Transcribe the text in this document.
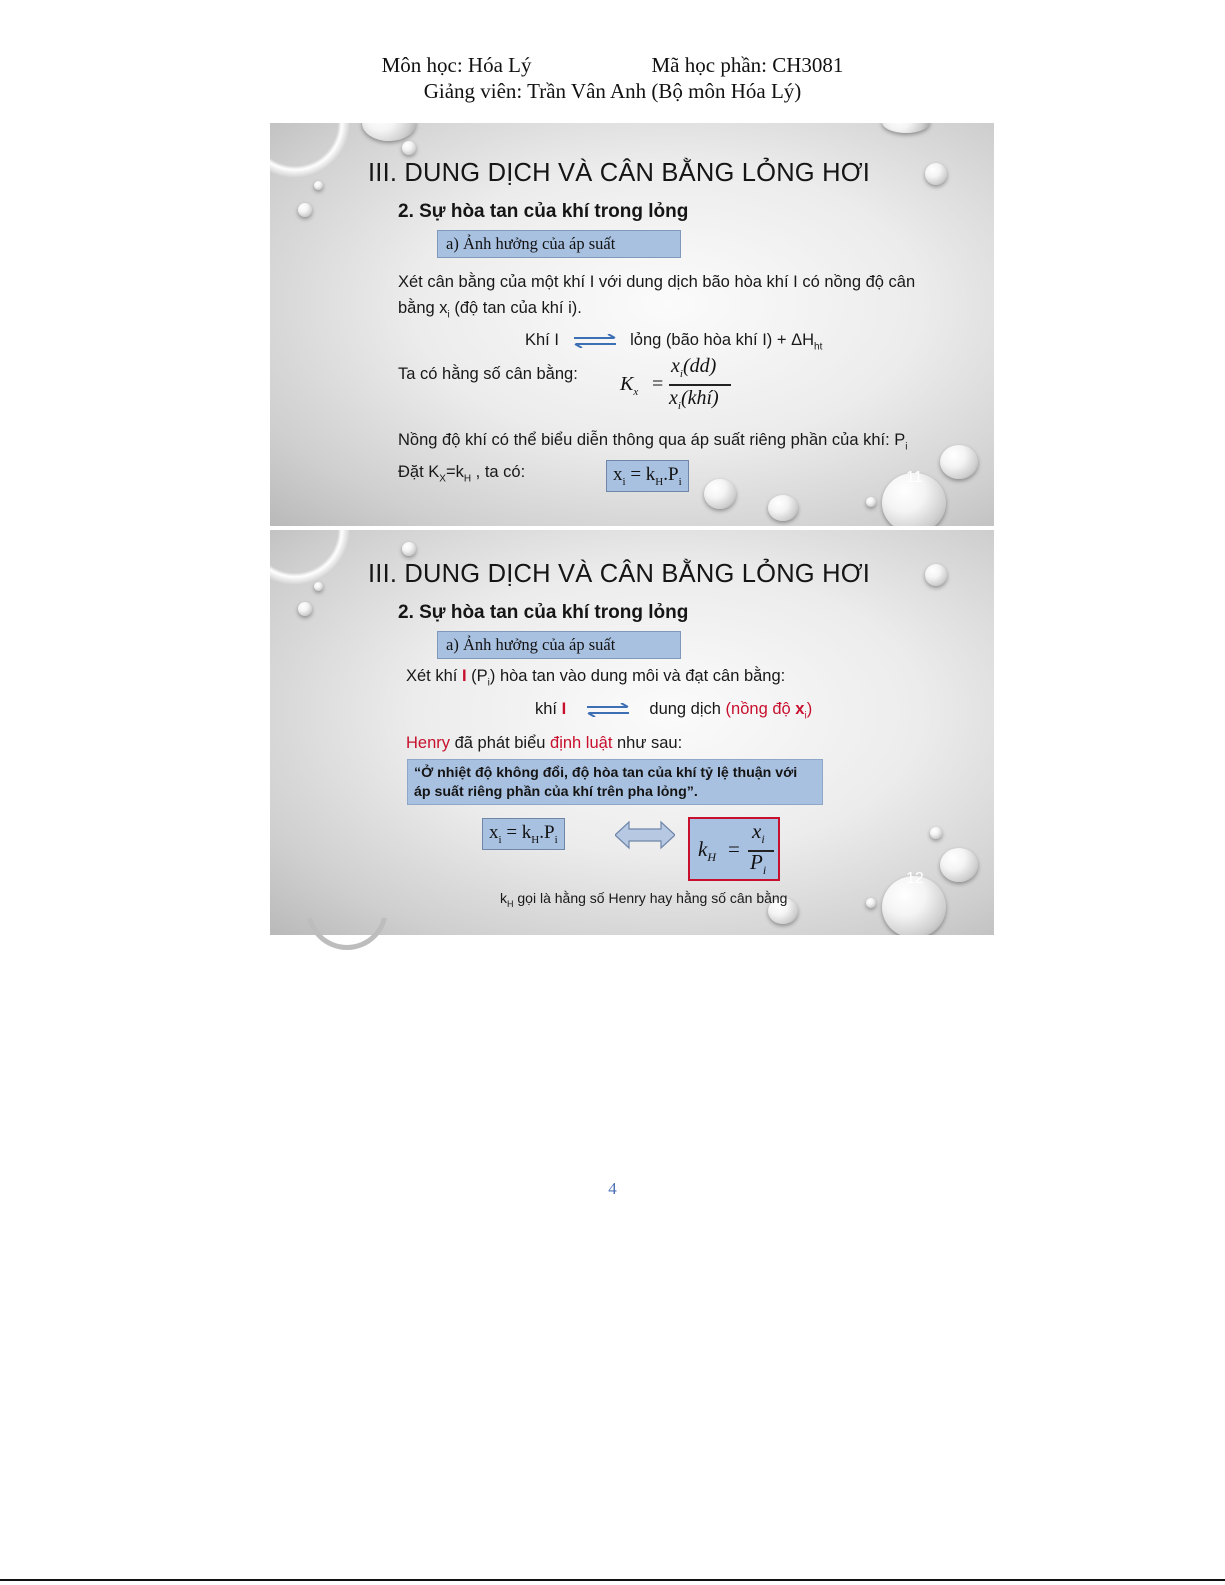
Môn học: Hóa Lý	Mã học phần: CH3081
Giảng viên: Trần Vân Anh (Bộ môn Hóa Lý)
III. DUNG DỊCH VÀ CÂN BẰNG LỎNG HƠI
2. Sự hòa tan của khí trong lỏng
a) Ảnh hưởng của áp suất
Xét cân bằng của một khí I với dung dịch bão hòa khí I có nồng độ cân
bằng $x_i$ (độ tan của khí i).
Khí I ⇌ lỏng (bão hòa khí $I) + \Delta H_{ht}$
Ta có hằng số cân bằng: $K_x$ =
$x_i(dd)$
$x_i(khí)$
Nồng độ khí có thể biểu diễn thông qua áp suất riêng phần của khí: $P_i$
Đặt $K_X=k_H$ , ta có:	$x_i = k_H.P_i$	11
III. DUNG DỊCH VÀ CÂN BẰNG LỎNG HƠI
2. Sự hòa tan của khí trong lỏng
a) Ảnh hưởng của áp suất
Xét khí I $(P_i)$ hòa tan vào dung môi và đạt cân bằng:
khí I ⇌ dung dịch (nồng độ $x_i$)
Henry đã phát biểu định luật như sau:
“Ở nhiệt độ không đổi, độ hòa tan của khí tỷ lệ thuận với
áp suất riêng phần của khí trên pha lỏng”.
$x_i = k_H.P_i$	$k_H$ =
$x_i$
$P_i$
$k_H$ gọi là hằng số Henry hay hằng số cân bằng
12
4
